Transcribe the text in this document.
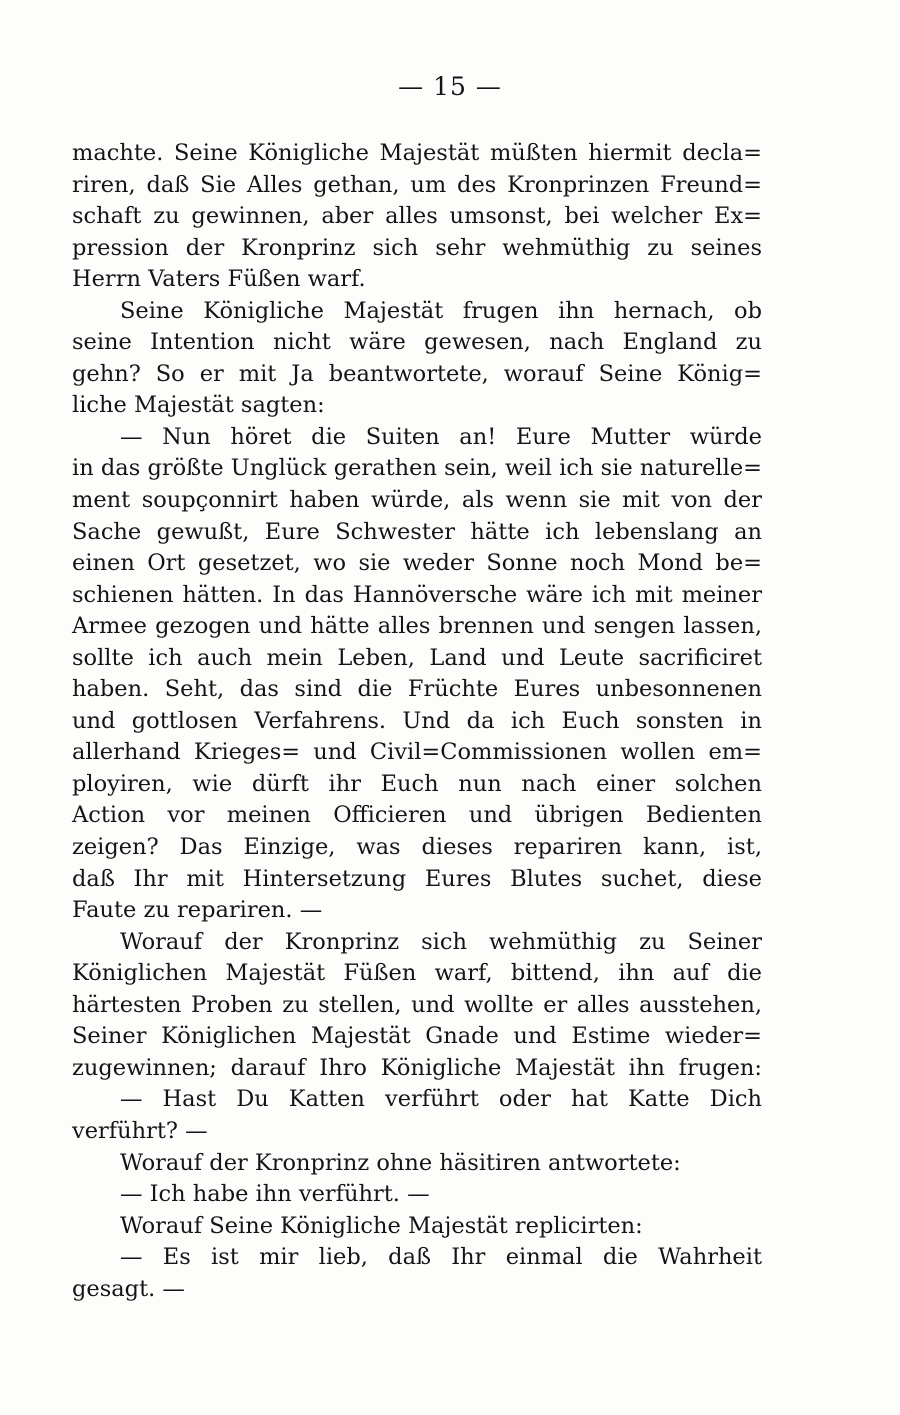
— 15 —
machte. Seine Königliche Majestät müßten hiermit decla=
riren, daß Sie Alles gethan, um des Kronprinzen Freund=
schaft zu gewinnen, aber alles umsonst, bei welcher Ex=
pression der Kronprinz sich sehr wehmüthig zu seines
Herrn Vaters Füßen warf.
Seine Königliche Majestät frugen ihn hernach, ob
seine Intention nicht wäre gewesen, nach England zu
gehn? So er mit Ja beantwortete, worauf Seine König=
liche Majestät sagten:
— Nun höret die Suiten an! Eure Mutter würde
in das größte Unglück gerathen sein, weil ich sie naturelle=
ment soupçonnirt haben würde, als wenn sie mit von der
Sache gewußt, Eure Schwester hätte ich lebenslang an
einen Ort gesetzet, wo sie weder Sonne noch Mond be=
schienen hätten. In das Hannöversche wäre ich mit meiner
Armee gezogen und hätte alles brennen und sengen lassen,
sollte ich auch mein Leben, Land und Leute sacrificiret
haben. Seht, das sind die Früchte Eures unbesonnenen
und gottlosen Verfahrens. Und da ich Euch sonsten in
allerhand Krieges= und Civil=Commissionen wollen em=
ployiren, wie dürft ihr Euch nun nach einer solchen
Action vor meinen Officieren und übrigen Bedienten
zeigen? Das Einzige, was dieses repariren kann, ist,
daß Ihr mit Hintersetzung Eures Blutes suchet, diese
Faute zu repariren. —
Worauf der Kronprinz sich wehmüthig zu Seiner
Königlichen Majestät Füßen warf, bittend, ihn auf die
härtesten Proben zu stellen, und wollte er alles ausstehen,
Seiner Königlichen Majestät Gnade und Estime wieder=
zugewinnen; darauf Ihro Königliche Majestät ihn frugen:
— Hast Du Katten verführt oder hat Katte Dich
verführt? —
Worauf der Kronprinz ohne häsitiren antwortete:
— Ich habe ihn verführt. —
Worauf Seine Königliche Majestät replicirten:
— Es ist mir lieb, daß Ihr einmal die Wahrheit
gesagt. —
